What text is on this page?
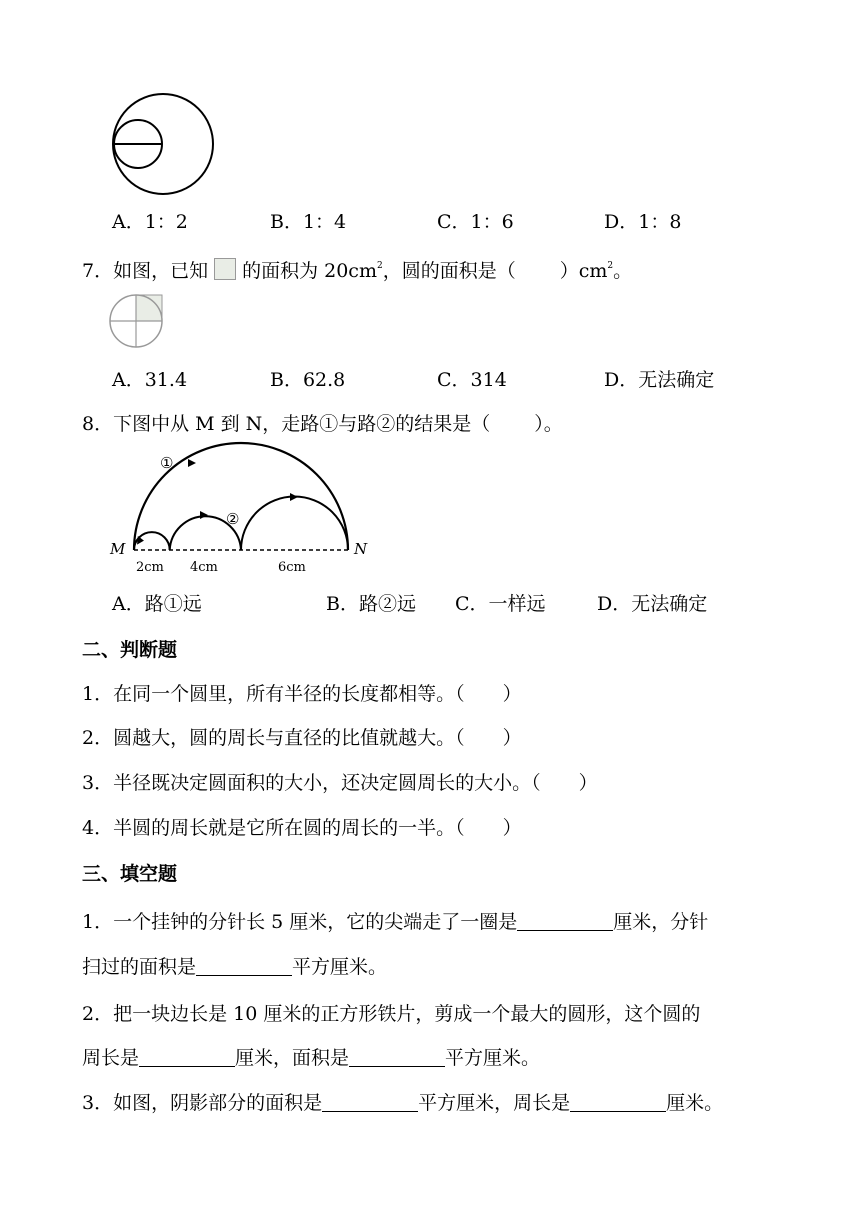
A．1：2	B．1：4	C．1：6	D．1：8
7．如图，已知 的面积为 $20cm^2$，圆的面积是（ ）$cm^2$。
A．31.4	B．62.8	C．314	D．无法确定
8．下图中从 M 到 N，走路①与路②的结果是（ ）。
①
②
M	N
2cm 4cm	6cm
A．路①远	B．路②远 C．一样远	D．无法确定
二、判断题
1．在同一个圆里，所有半径的长度都相等。（　　）
2．圆越大，圆的周长与直径的比值就越大。（　　）
3．半径既决定圆面积的大小，还决定圆周长的大小。（　　）
4．半圆的周长就是它所在圆的周长的一半。（　　）
三、填空题
1．一个挂钟的分针长 5 厘米，它的尖端走了一圈是	厘米，分针
扫过的面积是	平方厘米。
2．把一块边长是 10 厘米的正方形铁片，剪成一个最大的圆形，这个圆的
周长是	厘米，面积是	平方厘米。
3．如图，阴影部分的面积是	平方厘米，周长是	厘米。
